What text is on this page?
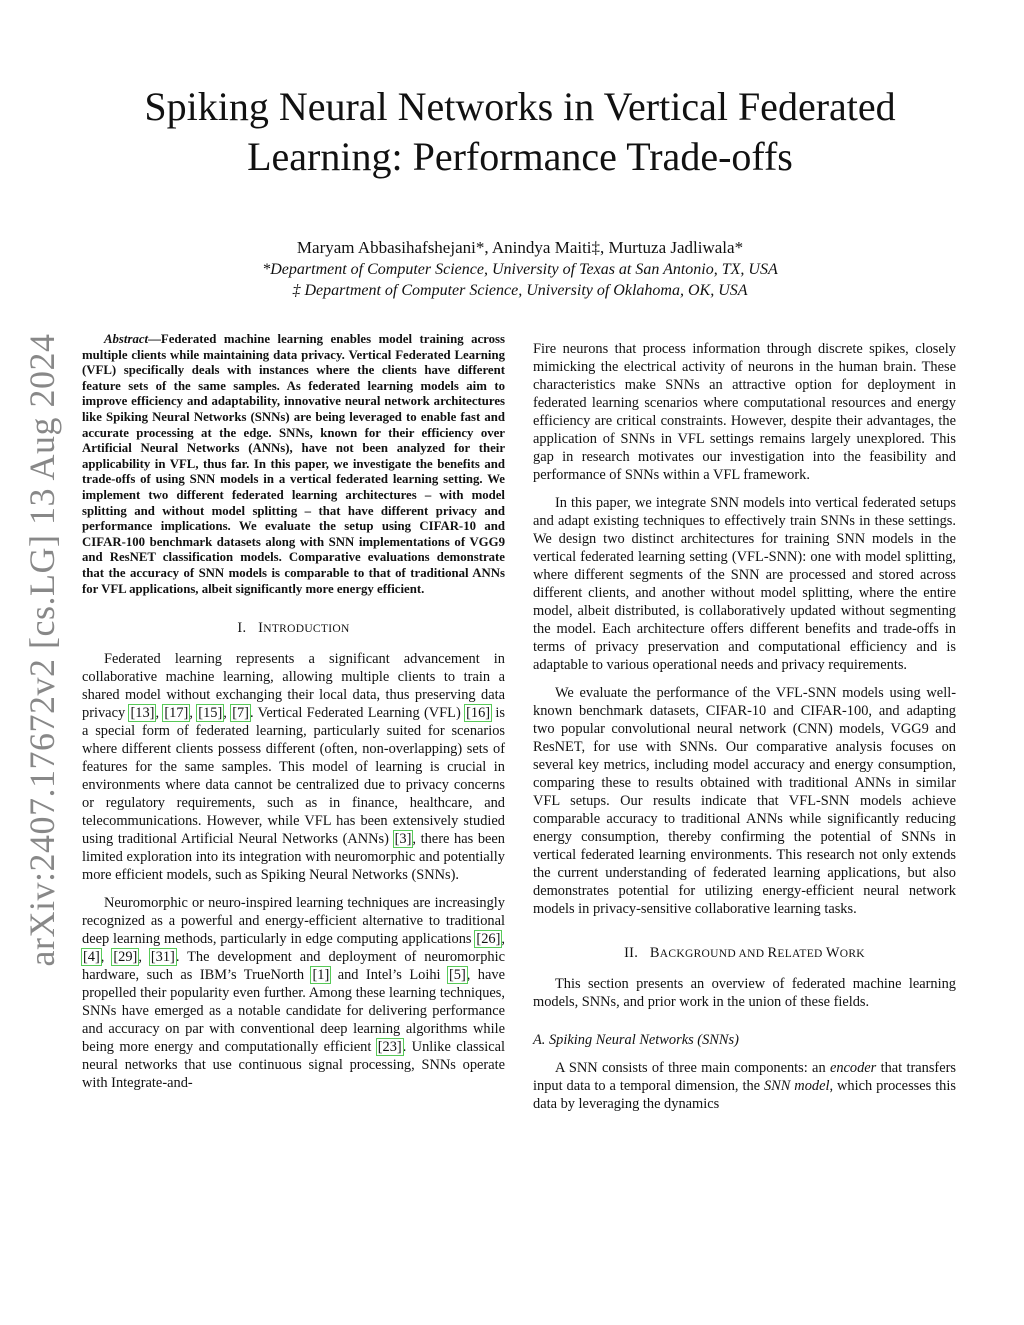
arXiv:2407.17672v2 [cs.LG] 13 Aug 2024
Spiking Neural Networks in Vertical Federated
Learning: Performance Trade-offs
Maryam Abbasihafshejani*, Anindya Maiti‡, Murtuza Jadliwala*
*Department of Computer Science, University of Texas at San Antonio, TX, USA
‡ Department of Computer Science, University of Oklahoma, OK, USA

Abstract—Federated machine learning enables model training across multiple clients while maintaining data privacy. Vertical Federated Learning (VFL) specifically deals with instances where the clients have different feature sets of the same samples. As federated learning models aim to improve efficiency and adaptability, innovative neural network architectures like Spiking Neural Networks (SNNs) are being leveraged to enable fast and accurate processing at the edge. SNNs, known for their efficiency over Artificial Neural Networks (ANNs), have not been analyzed for their applicability in VFL, thus far. In this paper, we investigate the benefits and trade-offs of using SNN models in a vertical federated learning setting. We implement two different federated learning architectures – with model splitting and without model splitting – that have different privacy and performance implications. We evaluate the setup using CIFAR-10 and CIFAR-100 benchmark datasets along with SNN implementations of VGG9 and ResNET classification models. Comparative evaluations demonstrate that the accuracy of SNN models is comparable to that of traditional ANNs for VFL applications, albeit significantly more energy efficient.

I. INTRODUCTION

Federated learning represents a significant advancement in collaborative machine learning, allowing multiple clients to train a shared model without exchanging their local data, thus preserving data privacy [13], [17], [15], [7]. Vertical Federated Learning (VFL) [16] is a special form of federated learning, particularly suited for scenarios where different clients possess different (often, non-overlapping) sets of features for the same samples. This model of learning is crucial in environments where data cannot be centralized due to privacy concerns or regulatory requirements, such as in finance, healthcare, and telecommunications. However, while VFL has been extensively studied using traditional Artificial Neural Networks (ANNs) [3], there has been limited exploration into its integration with neuromorphic and potentially more efficient models, such as Spiking Neural Networks (SNNs).

Neuromorphic or neuro-inspired learning techniques are increasingly recognized as a powerful and energy-efficient alternative to traditional deep learning methods, particularly in edge computing applications [26], [4], [29], [31]. The development and deployment of neuromorphic hardware, such as IBM’s TrueNorth [1] and Intel’s Loihi [5], have propelled their popularity even further. Among these learning techniques, SNNs have emerged as a notable candidate for delivering performance and accuracy on par with conventional deep learning algorithms while being more energy and computationally efficient [23]. Unlike classical neural networks that use continuous signal processing, SNNs operate with Integrate-and-

Fire neurons that process information through discrete spikes, closely mimicking the electrical activity of neurons in the human brain. These characteristics make SNNs an attractive option for deployment in federated learning scenarios where computational resources and energy efficiency are critical constraints. However, despite their advantages, the application of SNNs in VFL settings remains largely unexplored. This gap in research motivates our investigation into the feasibility and performance of SNNs within a VFL framework.

In this paper, we integrate SNN models into vertical federated setups and adapt existing techniques to effectively train SNNs in these settings. We design two distinct architectures for training SNN models in the vertical federated learning setting (VFL-SNN): one with model splitting, where different segments of the SNN are processed and stored across different clients, and another without model splitting, where the entire model, albeit distributed, is collaboratively updated without segmenting the model. Each architecture offers different benefits and trade-offs in terms of privacy preservation and computational efficiency and is adaptable to various operational needs and privacy requirements.

We evaluate the performance of the VFL-SNN models using well-known benchmark datasets, CIFAR-10 and CIFAR-100, and adapting two popular convolutional neural network (CNN) models, VGG9 and ResNET, for use with SNNs. Our comparative analysis focuses on several key metrics, including model accuracy and energy consumption, comparing these to results obtained with traditional ANNs in similar VFL setups. Our results indicate that VFL-SNN models achieve comparable accuracy to traditional ANNs while significantly reducing energy consumption, thereby confirming the potential of SNNs in vertical federated learning environments. This research not only extends the current understanding of federated learning applications, but also demonstrates potential for utilizing energy-efficient neural network models in privacy-sensitive collaborative learning tasks.

II. BACKGROUND AND RELATED WORK

This section presents an overview of federated machine learning models, SNNs, and prior work in the union of these fields.

A. Spiking Neural Networks (SNNs)

A SNN consists of three main components: an encoder that transfers input data to a temporal dimension, the SNN model, which processes this data by leveraging the dynamics
